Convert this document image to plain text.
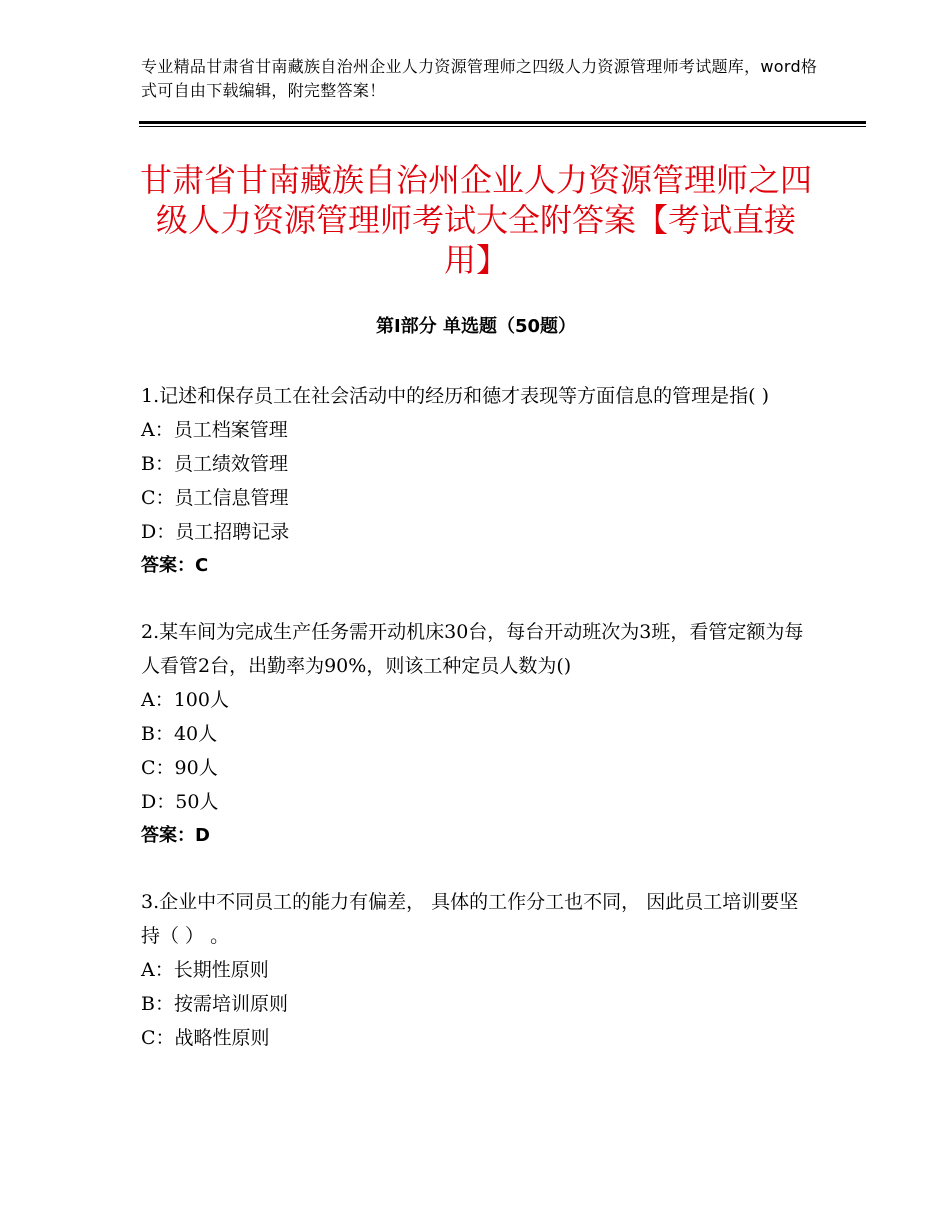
专业精品甘肃省甘南藏族自治州企业人力资源管理师之四级人力资源管理师考试题库，word格式可自由下载编辑，附完整答案！
甘肃省甘南藏族自治州企业人力资源管理师之四级人力资源管理师考试大全附答案【考试直接用】
第Ⅰ部分 单选题（50题）
1.记述和保存员工在社会活动中的经历和德才表现等方面信息的管理是指( )
A：员工档案管理
B：员工绩效管理
C：员工信息管理
D：员工招聘记录
答案：C
2.某车间为完成生产任务需开动机床30台，每台开动班次为3班，看管定额为每人看管2台，出勤率为90%，则该工种定员人数为()
A：100人
B：40人
C：90人
D：50人
答案：D
3.企业中不同员工的能力有偏差， 具体的工作分工也不同， 因此员工培训要坚持（ ） 。
A：长期性原则
B：按需培训原则
C：战略性原则
